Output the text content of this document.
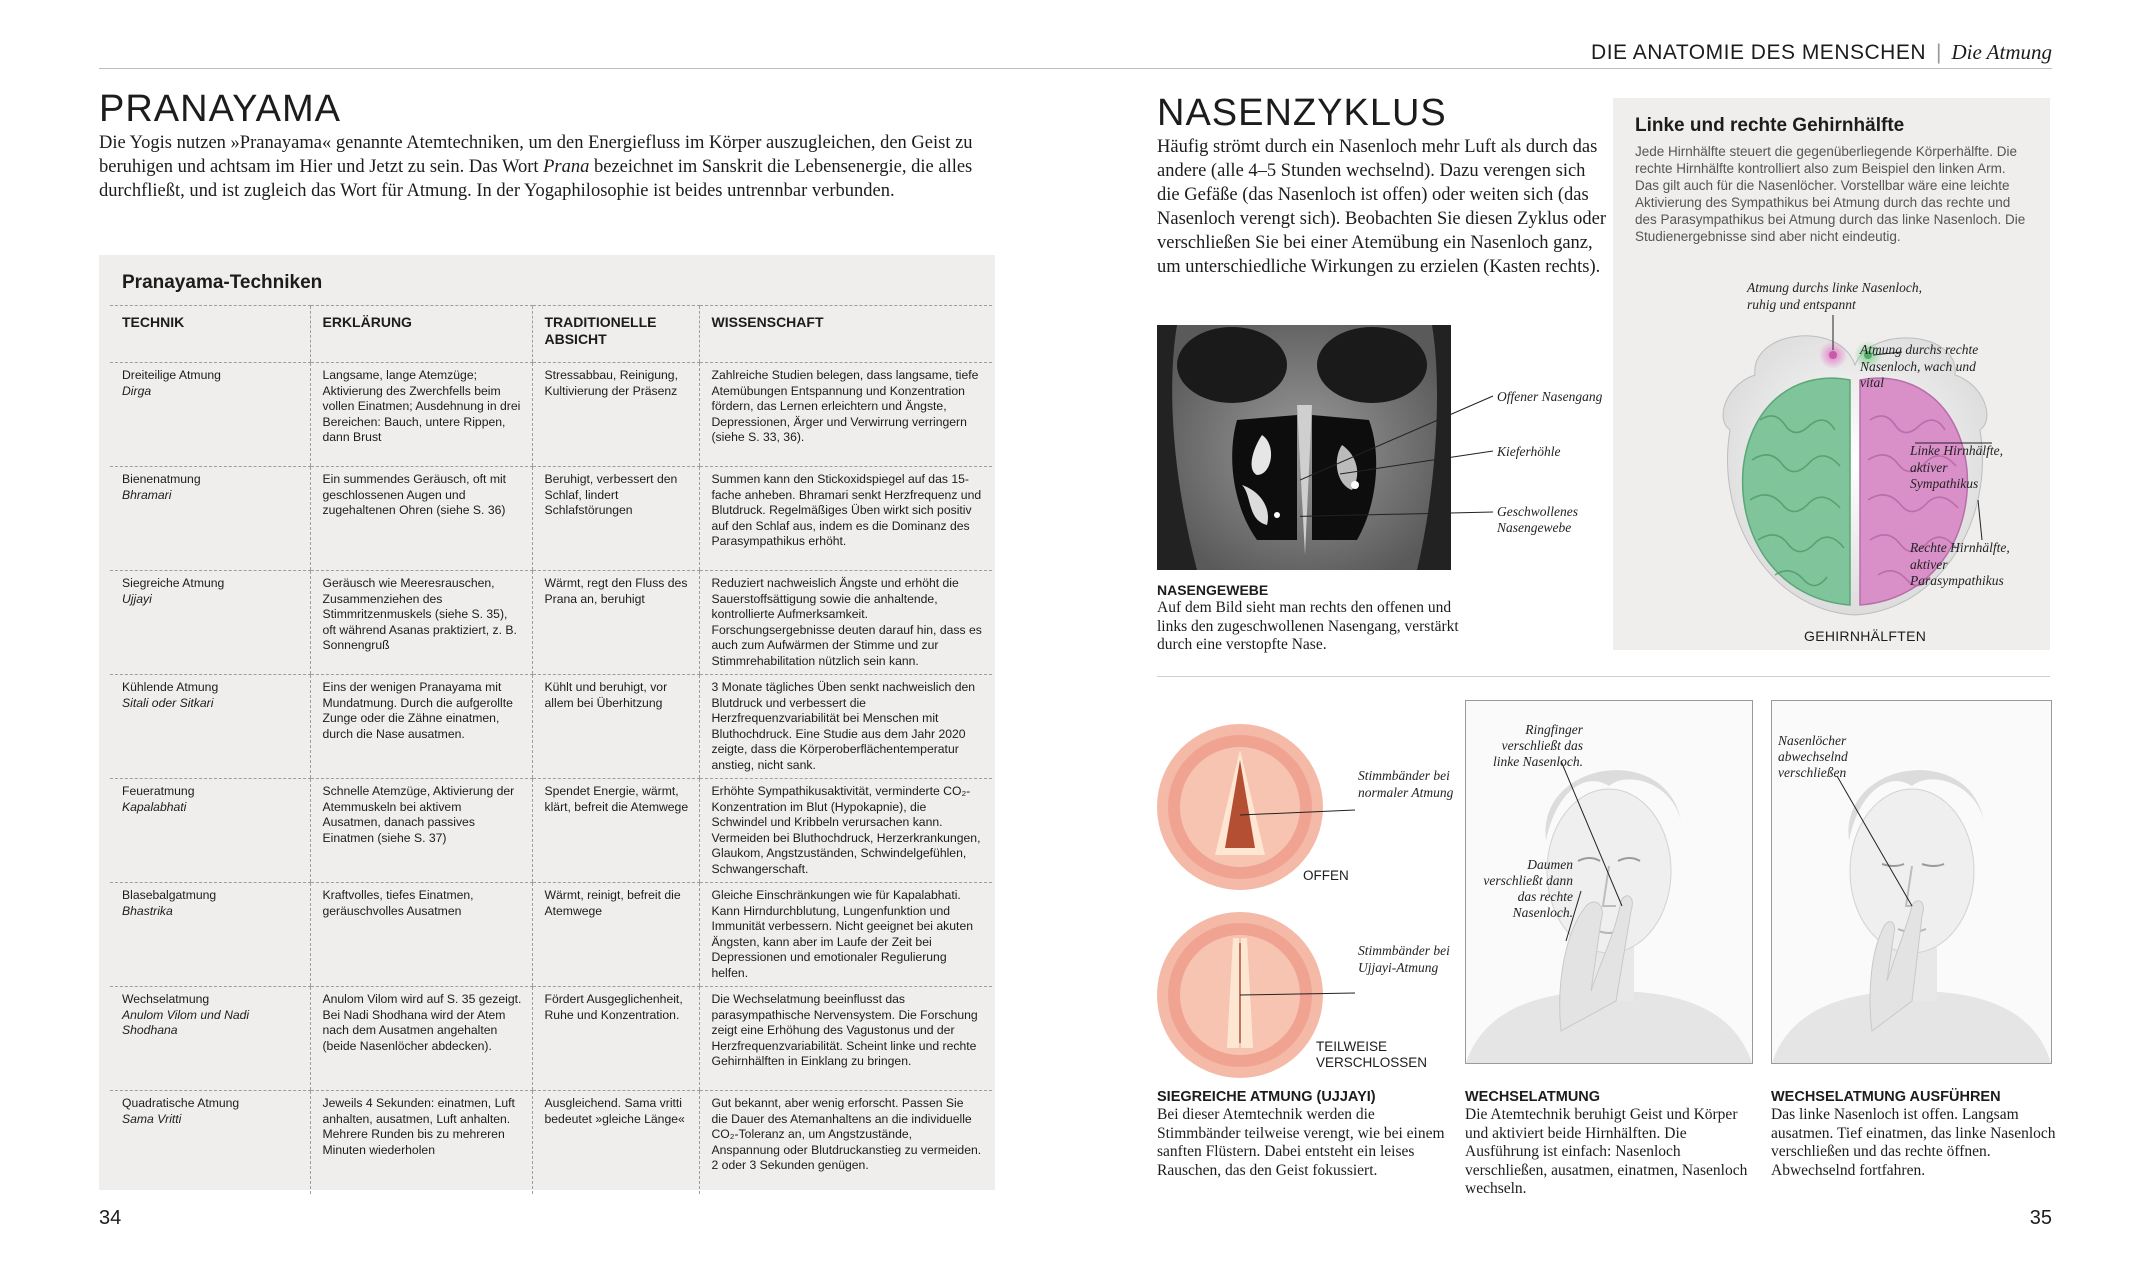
DIE ANATOMIE DES MENSCHEN | Die Atmung
PRANAYAMA

Die Yogis nutzen »Pranayama« genannte Atemtechniken, um den Energiefluss im Körper auszugleichen, den Geist zu beruhigen und achtsam im Hier und Jetzt zu sein. Das Wort Prana bezeichnet im Sanskrit die Lebensenergie, die alles durchfließt, und ist zugleich das Wort für Atmung. In der Yogaphilosophie ist beides untrennbar verbunden.

Pranayama-Techniken
TECHNIK	ERKLÄRUNG	TRADITIONELLE ABSICHT	WISSENSCHAFT

Dreiteilige Atmung
Dirga	Langsame, lange Atemzüge; Aktivierung des Zwerchfells beim vollen Einatmen; Ausdehnung in drei Bereichen: Bauch, untere Rippen, dann Brust	Stressabbau, Reinigung, Kultivierung der Präsenz	Zahlreiche Studien belegen, dass langsame, tiefe Atemübungen Entspannung und Konzentration fördern, das Lernen erleichtern und Ängste, Depressionen, Ärger und Verwirrung verringern (siehe S. 33, 36).

Bienenatmung
Bhramari	Ein summendes Geräusch, oft mit geschlossenen Augen und zugehaltenen Ohren (siehe S. 36)	Beruhigt, verbessert den Schlaf, lindert Schlafstörungen	Summen kann den Stickoxidspiegel auf das 15-fache anheben. Bhramari senkt Herzfrequenz und Blutdruck. Regelmäßiges Üben wirkt sich positiv auf den Schlaf aus, indem es die Dominanz des Parasympathikus erhöht.

Siegreiche Atmung
Ujjayi	Geräusch wie Meeresrauschen, Zusammenziehen des Stimmritzenmuskels (siehe S. 35), oft während Asanas praktiziert, z. B. Sonnengruß	Wärmt, regt den Fluss des Prana an, beruhigt	Reduziert nachweislich Ängste und erhöht die Sauerstoffsättigung sowie die anhaltende, kontrollierte Aufmerksamkeit. Forschungsergebnisse deuten darauf hin, dass es auch zum Aufwärmen der Stimme und zur Stimmrehabilitation nützlich sein kann.

Kühlende Atmung
Sitali oder Sitkari	Eins der wenigen Pranayama mit Mundatmung. Durch die aufgerollte Zunge oder die Zähne einatmen, durch die Nase ausatmen.	Kühlt und beruhigt, vor allem bei Überhitzung	3 Monate tägliches Üben senkt nachweislich den Blutdruck und verbessert die Herzfrequenzvariabilität bei Menschen mit Bluthochdruck. Eine Studie aus dem Jahr 2020 zeigte, dass die Körperoberflächentemperatur anstieg, nicht sank.

Feueratmung
Kapalabhati	Schnelle Atemzüge, Aktivierung der Atemmuskeln bei aktivem Ausatmen, danach passives Einatmen (siehe S. 37)	Spendet Energie, wärmt, klärt, befreit die Atemwege	Erhöhte Sympathikusaktivität, verminderte CO₂-Konzentration im Blut (Hypokapnie), die Schwindel und Kribbeln verursachen kann. Vermeiden bei Bluthochdruck, Herzerkrankungen, Glaukom, Angstzuständen, Schwindelgefühlen, Schwangerschaft.

Blasebalgatmung
Bhastrika	Kraftvolles, tiefes Einatmen, geräuschvolles Ausatmen	Wärmt, reinigt, befreit die Atemwege	Gleiche Einschränkungen wie für Kapalabhati. Kann Hirndurchblutung, Lungenfunktion und Immunität verbessern. Nicht geeignet bei akuten Ängsten, kann aber im Laufe der Zeit bei Depressionen und emotionaler Regulierung helfen.

Wechselatmung
Anulom Vilom und Nadi Shodhana	Anulom Vilom wird auf S. 35 gezeigt. Bei Nadi Shodhana wird der Atem nach dem Ausatmen angehalten (beide Nasenlöcher abdecken).	Fördert Ausgeglichenheit, Ruhe und Konzentration.	Die Wechselatmung beeinflusst das parasympathische Nervensystem. Die Forschung zeigt eine Erhöhung des Vagustonus und der Herzfrequenzvariabilität. Scheint linke und rechte Gehirnhälften in Einklang zu bringen.

Quadratische Atmung
Sama Vritti	Jeweils 4 Sekunden: einatmen, Luft anhalten, ausatmen, Luft anhalten. Mehrere Runden bis zu mehreren Minuten wiederholen	Ausgleichend. Sama vritti bedeutet »gleiche Länge«	Gut bekannt, aber wenig erforscht. Passen Sie die Dauer des Atemanhaltens an die individuelle CO₂-Toleranz an, um Angstzustände, Anspannung oder Blutdruckanstieg zu vermeiden. 2 oder 3 Sekunden genügen.
34
NASENZYKLUS

Häufig strömt durch ein Nasenloch mehr Luft als durch das andere (alle 4–5 Stunden wechselnd). Dazu verengen sich die Gefäße (das Nasenloch ist offen) oder weiten sich (das Nasenloch verengt sich). Beobachten Sie diesen Zyklus oder verschließen Sie bei einer Atemübung ein Nasenloch ganz, um unterschiedliche Wirkungen zu erzielen (Kasten rechts).

Offener Nasengang
Kieferhöhle
Geschwollenes Nasengewebe
NASENGEWEBE
Auf dem Bild sieht man rechts den offenen und links den zugeschwollenen Nasengang, verstärkt durch eine verstopfte Nase.
Linke und rechte Gehirnhälfte
Jede Hirnhälfte steuert die gegenüberliegende Körperhälfte. Die rechte Hirnhälfte kontrolliert also zum Beispiel den linken Arm. Das gilt auch für die Nasenlöcher. Vorstellbar wäre eine leichte Aktivierung des Sympathikus bei Atmung durch das rechte und des Parasympathikus bei Atmung durch das linke Nasenloch. Die Studienergebnisse sind aber nicht eindeutig.
Atmung durchs linke Nasenloch, ruhig und entspannt
Atmung durchs rechte Nasenloch, wach und vital
Linke Hirnhälfte, aktiver Sympathikus
Rechte Hirnhälfte, aktiver Parasympathikus
GEHIRNHÄLFTEN
Stimmbänder bei normaler Atmung
OFFEN
Stimmbänder bei Ujjayi-Atmung
TEILWEISE VERSCHLOSSEN
SIEGREICHE ATMUNG (UJJAYI)
Bei dieser Atemtechnik werden die Stimmbänder teilweise verengt, wie bei einem sanften Flüstern. Dabei entsteht ein leises Rauschen, das den Geist fokussiert.
Ringfinger verschließt das linke Nasenloch.
Daumen verschließt dann das rechte Nasenloch.
WECHSELATMUNG
Die Atemtechnik beruhigt Geist und Körper und aktiviert beide Hirnhälften. Die Ausführung ist einfach: Nasenloch verschließen, ausatmen, einatmen, Nasenloch wechseln.
Nasenlöcher abwechselnd verschließen
WECHSELATMUNG AUSFÜHREN
Das linke Nasenloch ist offen. Langsam ausatmen. Tief einatmen, das linke Nasenloch verschließen und das rechte öffnen. Abwechselnd fortfahren.
35
